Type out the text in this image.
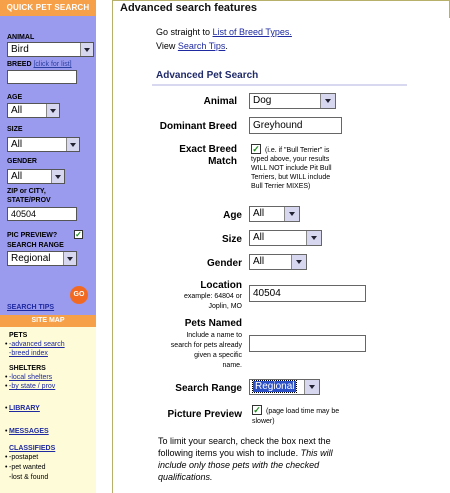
QUICK PET SEARCH
ANIMAL
Bird
BREED [click for list]
AGE
All
SIZE
All
GENDER
All
ZIP or CITY,
STATE/PROV
40504
PIC PREVIEW? ✓
SEARCH RANGE
Regional
GO
SEARCH TIPS
SITE MAP
PETS
• -advanced search
-breed index
SHELTERS
• -local shelters
• -by state / prov
• LIBRARY
• MESSAGES
CLASSIFIEDS
• -postapet
• -pet wanted
-lost & found
Advanced search features
Go straight to List of Breed Types.
View Search Tips.
Advanced Pet Search
Animal	Dog
Dominant Breed	Greyhound
Exact Breed
Match
✓ (i.e. if "Bull Terrier" is
typed above, your results
WILL NOT include Pit Bull
Terriers, but WILL include
Bull Terrier MIXES)
Age	All
Size	All
Gender	All
Location
example: 64804 or
Joplin, MO
40504
Pets Named
Include a name to
search for pets already
given a specific
name.
Search Range	Regional
Picture Preview ✓ (page load time may be
slower)
To limit your search, check the box next the
following items you wish to include. This will
include only those pets with the checked
qualifications.
